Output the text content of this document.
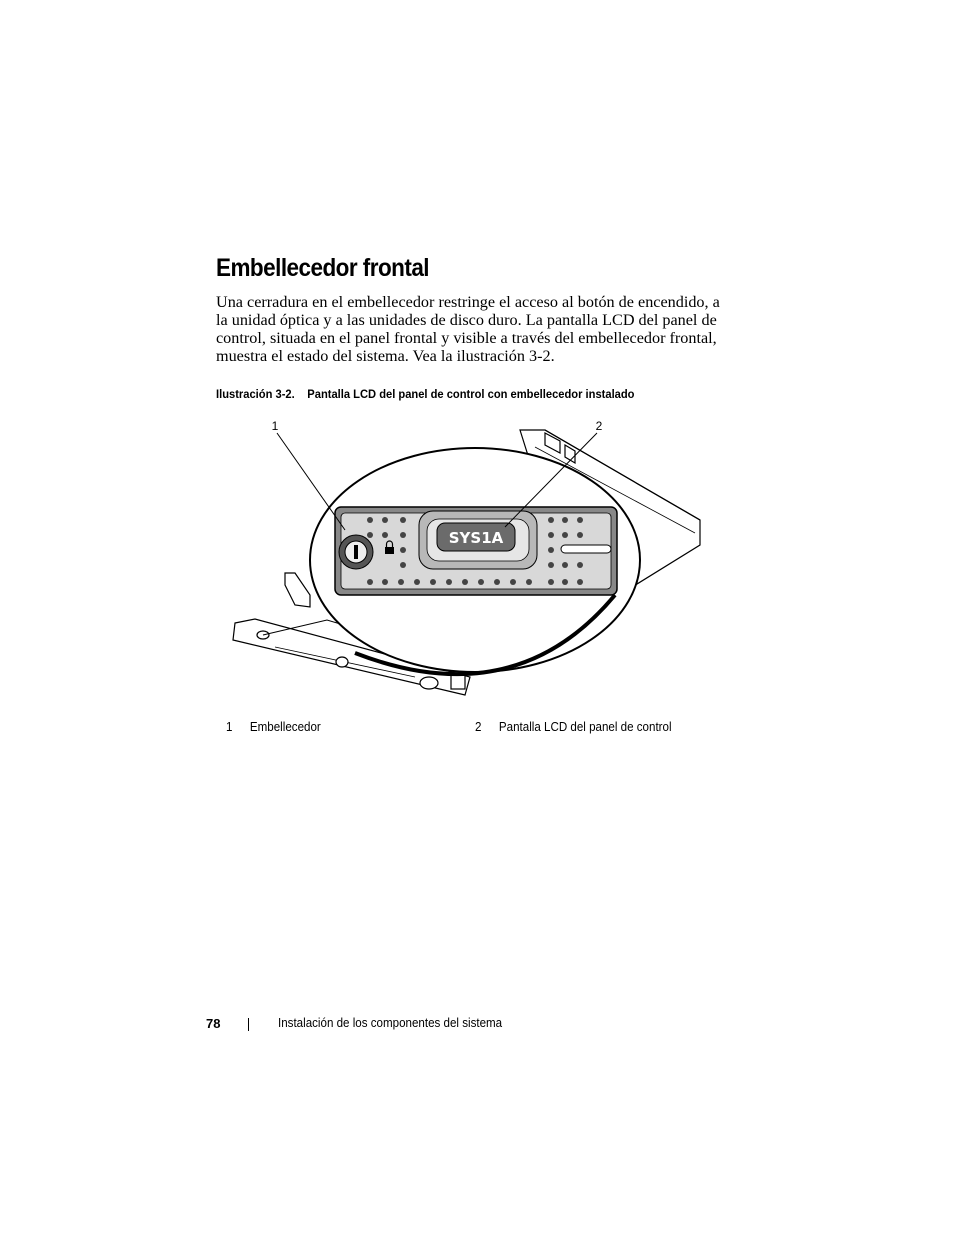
Embellecedor frontal

Una cerradura en el embellecedor restringe el acceso al botón de encendido, a
la unidad óptica y a las unidades de disco duro. La pantalla LCD del panel de
control, situada en el panel frontal y visible a través del embellecedor frontal,
muestra el estado del sistema. Vea la ilustración 3-2.

Ilustración 3-2. Pantalla LCD del panel de control con embellecedor instalado
SYS1A
1	2
1 Embellecedor	2 Pantalla LCD del panel de control
78	Instalación de los componentes del sistema
